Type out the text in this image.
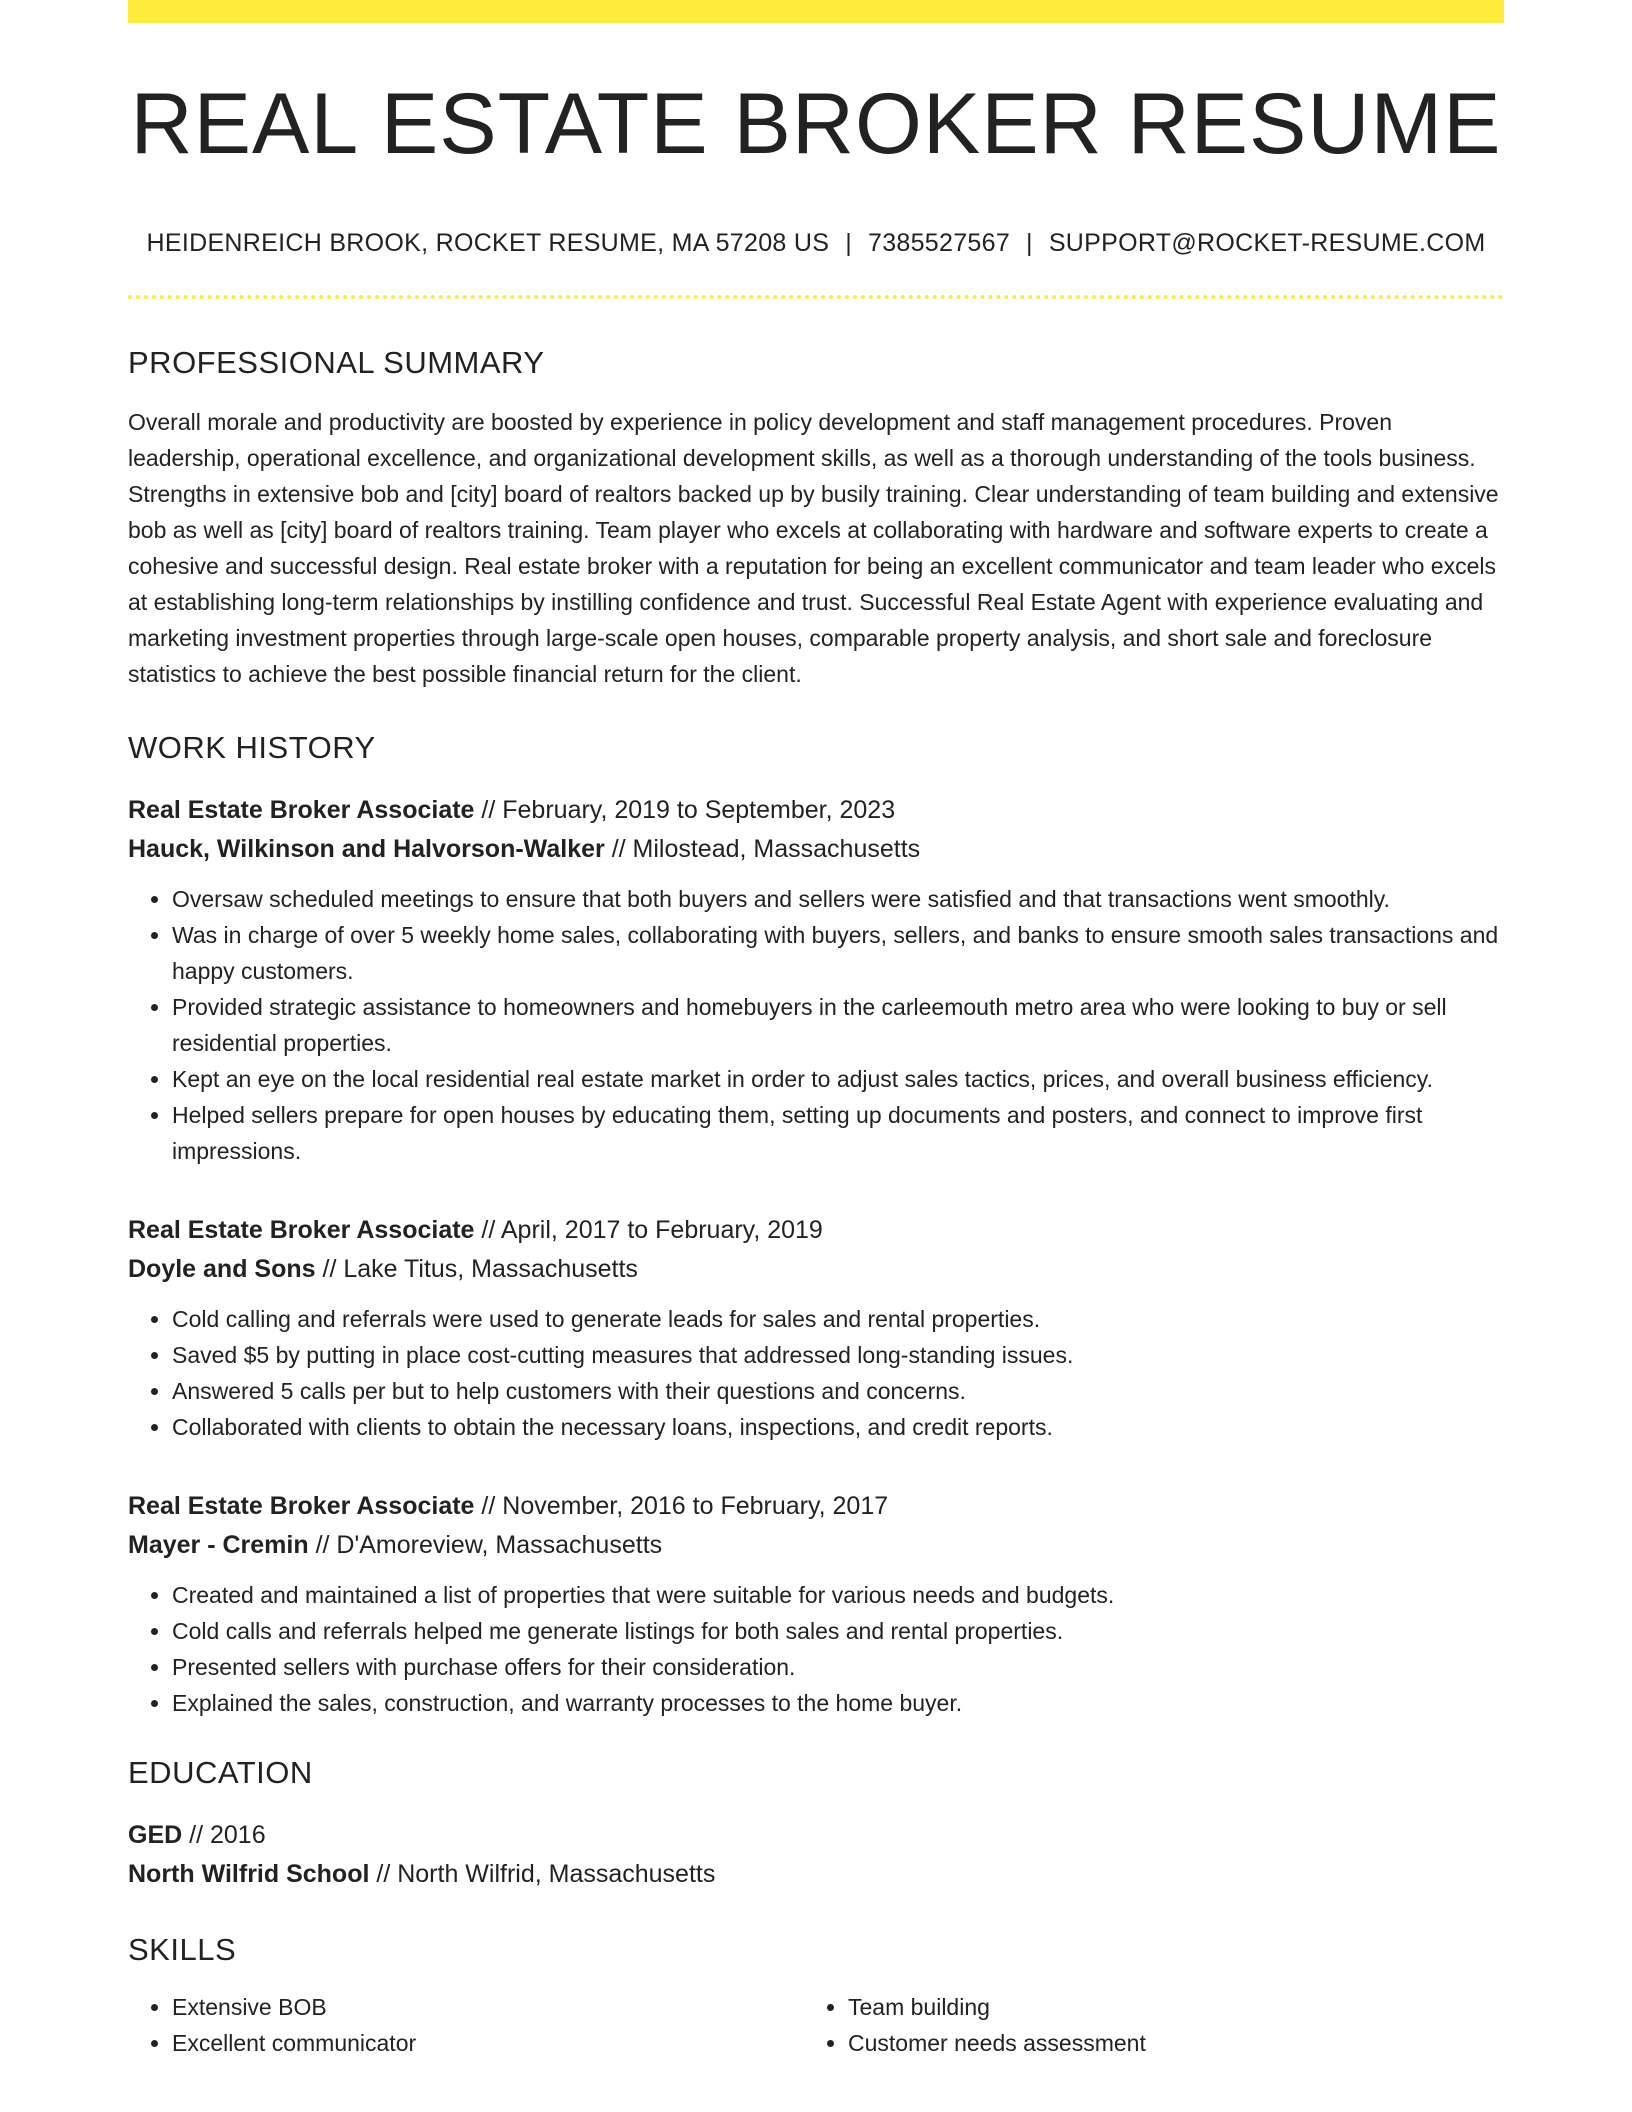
REAL ESTATE BROKER RESUME
HEIDENREICH BROOK, ROCKET RESUME, MA 57208 US | 7385527567 | SUPPORT@ROCKET-RESUME.COM
PROFESSIONAL SUMMARY

Overall morale and productivity are boosted by experience in policy development and staff management procedures. Proven leadership, operational excellence, and organizational development skills, as well as a thorough understanding of the tools business. Strengths in extensive bob and [city] board of realtors backed up by busily training. Clear understanding of team building and extensive bob as well as [city] board of realtors training. Team player who excels at collaborating with hardware and software experts to create a cohesive and successful design. Real estate broker with a reputation for being an excellent communicator and team leader who excels at establishing long-term relationships by instilling confidence and trust. Successful Real Estate Agent with experience evaluating and marketing investment properties through large-scale open houses, comparable property analysis, and short sale and foreclosure statistics to achieve the best possible financial return for the client.

WORK HISTORY
Real Estate Broker Associate // February, 2019 to September, 2023
Hauck, Wilkinson and Halvorson-Walker // Milostead, Massachusetts
• Oversaw scheduled meetings to ensure that both buyers and sellers were satisfied and that transactions went smoothly.
• Was in charge of over 5 weekly home sales, collaborating with buyers, sellers, and banks to ensure smooth sales transactions and happy customers.
• Provided strategic assistance to homeowners and homebuyers in the carleemouth metro area who were looking to buy or sell residential properties.
• Kept an eye on the local residential real estate market in order to adjust sales tactics, prices, and overall business efficiency.
• Helped sellers prepare for open houses by educating them, setting up documents and posters, and connect to improve first impressions.
Real Estate Broker Associate // April, 2017 to February, 2019
Doyle and Sons // Lake Titus, Massachusetts
• Cold calling and referrals were used to generate leads for sales and rental properties.
• Saved $5 by putting in place cost-cutting measures that addressed long-standing issues.
• Answered 5 calls per but to help customers with their questions and concerns.
• Collaborated with clients to obtain the necessary loans, inspections, and credit reports.
Real Estate Broker Associate // November, 2016 to February, 2017
Mayer - Cremin // D'Amoreview, Massachusetts
• Created and maintained a list of properties that were suitable for various needs and budgets.
• Cold calls and referrals helped me generate listings for both sales and rental properties.
• Presented sellers with purchase offers for their consideration.
• Explained the sales, construction, and warranty processes to the home buyer.
EDUCATION
GED // 2016
North Wilfrid School // North Wilfrid, Massachusetts
SKILLS
• Extensive BOB
• Excellent communicator
• Team building
• Customer needs assessment
